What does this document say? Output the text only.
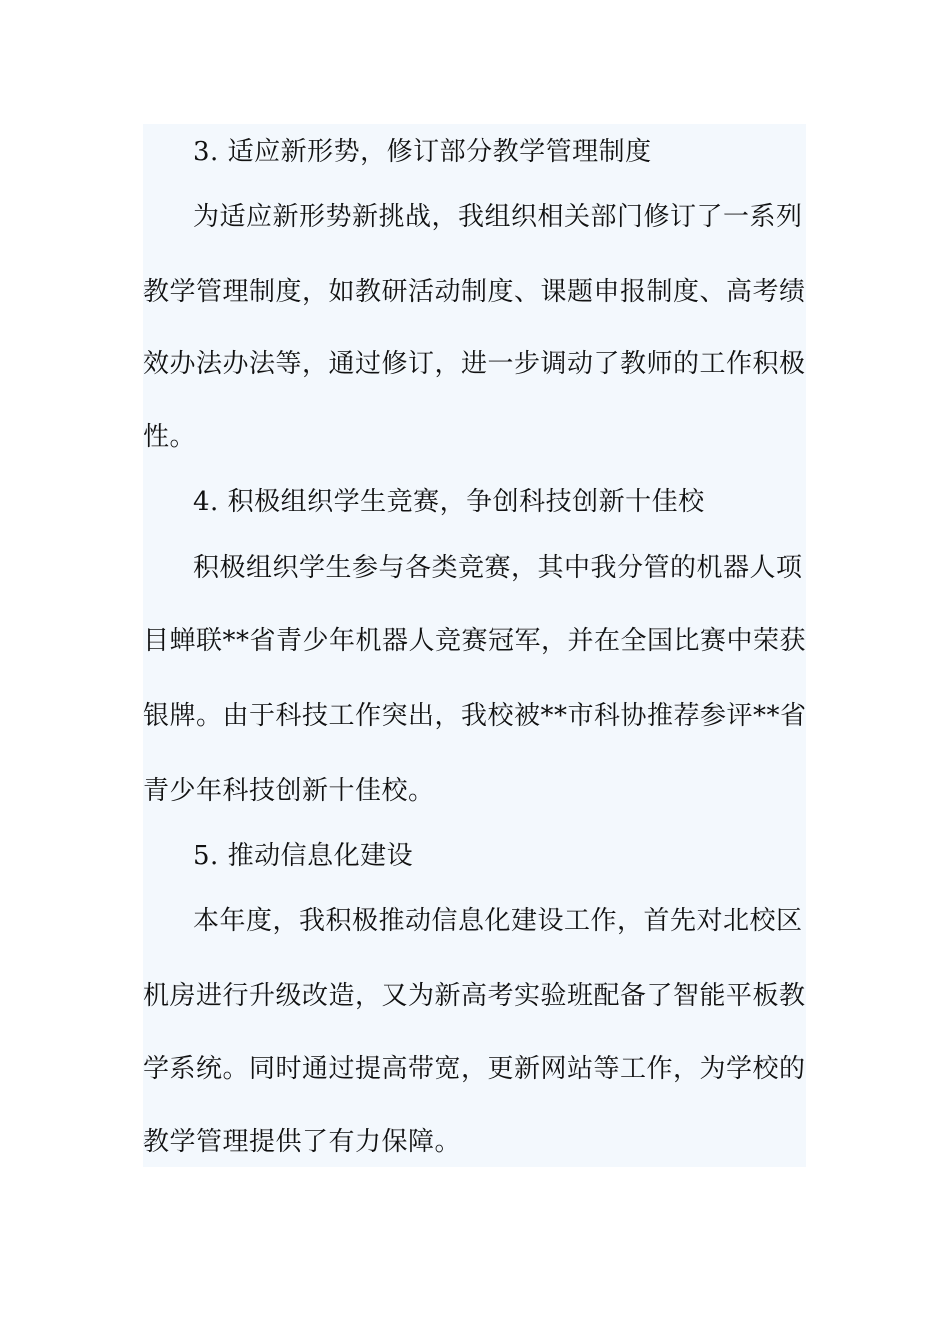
3. 适应新形势，修订部分教学管理制度
为适应新形势新挑战，我组织相关部门修订了一系列
教学管理制度，如教研活动制度、课题申报制度、高考绩
效办法办法等，通过修订，进一步调动了教师的工作积极
性。
4. 积极组织学生竞赛，争创科技创新十佳校
积极组织学生参与各类竞赛，其中我分管的机器人项
目蝉联**省青少年机器人竞赛冠军，并在全国比赛中荣获
银牌。由于科技工作突出，我校被**市科协推荐参评**省
青少年科技创新十佳校。
5. 推动信息化建设
本年度，我积极推动信息化建设工作，首先对北校区
机房进行升级改造，又为新高考实验班配备了智能平板教
学系统。同时通过提高带宽，更新网站等工作，为学校的
教学管理提供了有力保障。
